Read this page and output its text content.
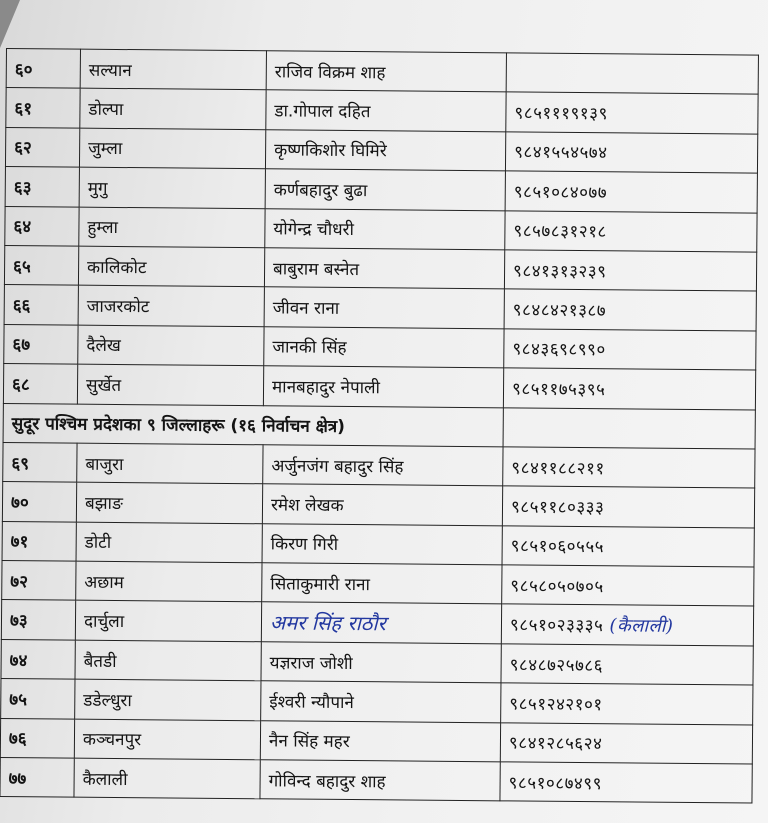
६०	सल्यान	राजिव विक्रम शाह	
६१	डोल्पा	डा.गोपाल दहित	९८५१११९१३९
६२	जुम्ला	कृष्णकिशोर घिमिरे	९८४१५५४५७४
६३	मुगु	कर्णबहादुर बुढा	९८५१०८४०७७
६४	हुम्ला	योगेन्द्र चौधरी	९८५७८३१२१८
६५	कालिकोट	बाबुराम बस्नेत	९८४१३१३२३९
६६	जाजरकोट	जीवन राना	९८४८४२१३८७
६७	दैलेख	जानकी सिंह	९८४३६९८९९०
६८	सुर्खेत	मानबहादुर नेपाली	९८५११७५३९५
सुदूर पश्चिम प्रदेशका ९ जिल्लाहरू (१६ निर्वाचन क्षेत्र)			
६९	बाजुरा	अर्जुनजंग बहादुर सिंह	९८४११८८२११
७०	बझाङ	रमेश लेखक	९८५११८०३३३
७१	डोटी	किरण गिरी	९८५१०६०५५५
७२	अछाम	सिताकुमारी राना	९८५८०५०७०५
७३	दार्चुला	अमर सिंह राठौर	९८५१०२३३३५ (कैलाली)
७४	बैतडी	यज्ञराज जोशी	९८४८७२५७८६
७५	डडेल्धुरा	ईश्वरी न्यौपाने	९८५१२४२१०१
७६	कञ्चनपुर	नैन सिंह महर	९८४१२८५६२४
७७	कैलाली	गोविन्द बहादुर शाह	९८५१०८७४९९
